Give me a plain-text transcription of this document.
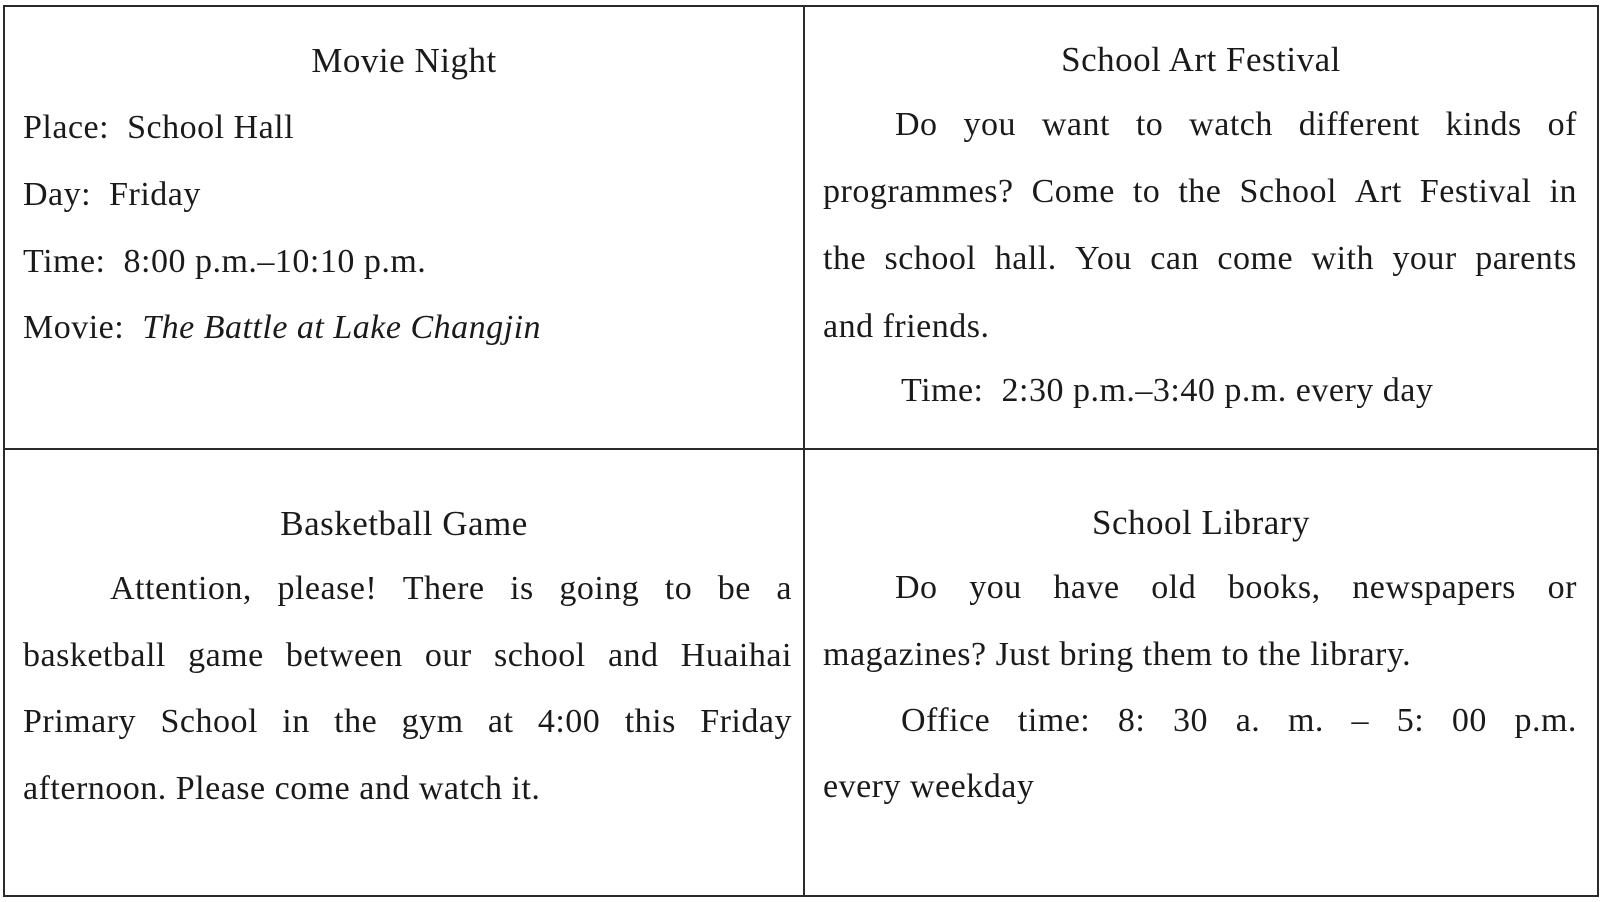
Movie Night
Place: School Hall
Day: Friday
Time: 8:00 p.m.–10:10 p.m.
Movie: The Battle at Lake Changjin
School Art Festival
Do you want to watch different kinds of
programmes? Come to the School Art Festival in
the school hall. You can come with your parents
and friends.
Time: 2:30 p.m.–3:40 p.m. every day
Basketball Game
Attention, please! There is going to be a
basketball game between our school and Huaihai
Primary School in the gym at 4:00 this Friday
afternoon. Please come and watch it.
School Library
Do you have old books, newspapers or
magazines? Just bring them to the library.
Office time: 8: 30 a. m. – 5: 00 p.m.
every weekday
